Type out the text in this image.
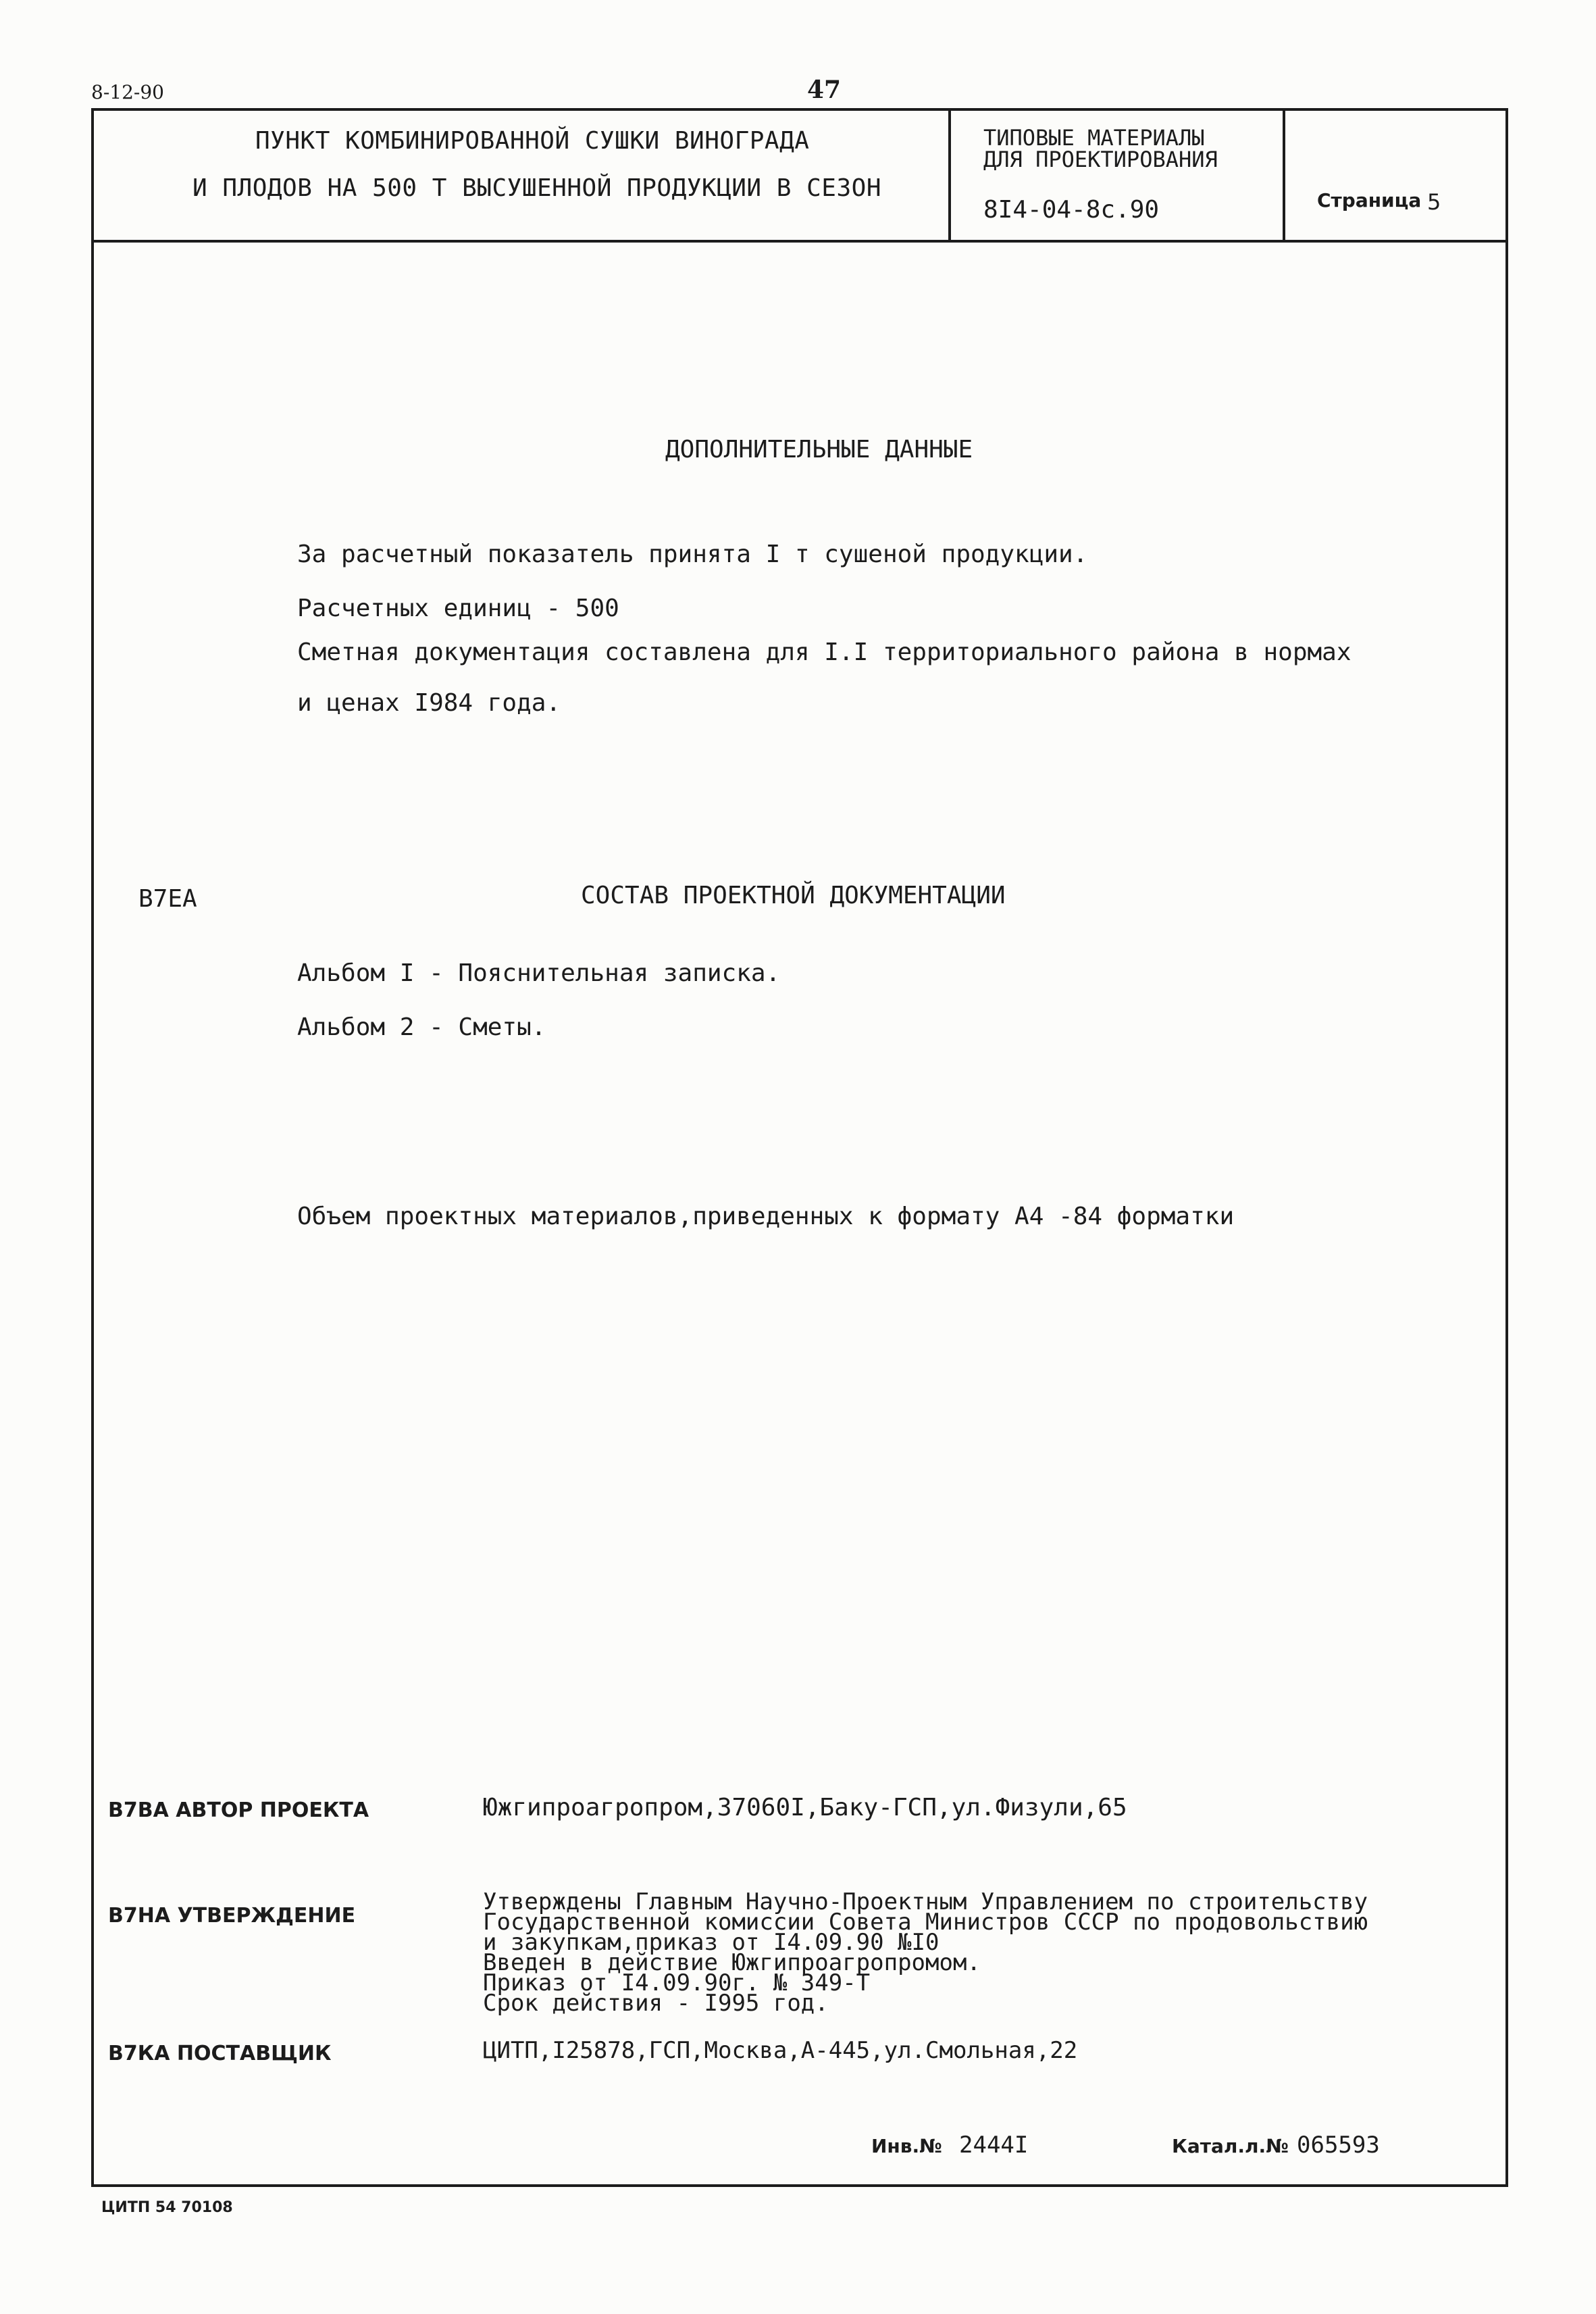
8-12-90	47
ПУНКТ КОМБИНИРОВАННОЙ СУШКИ ВИНОГРАДА
И ПЛОДОВ НА 500 Т ВЫСУШЕННОЙ ПРОДУКЦИИ В СЕЗОН
ТИПОВЫЕ МАТЕРИАЛЫ
ДЛЯ ПРОЕКТИРОВАНИЯ
8I4-04-8с.90	Страница 5
ДОПОЛНИТЕЛЬНЫЕ ДАННЫЕ
За расчетный показатель принята I т сушеной продукции.
Расчетных единиц - 500
Сметная документация составлена для I.I территориального района в нормах
и ценах I984 года.
В7ЕА	СОСТАВ ПРОЕКТНОЙ ДОКУМЕНТАЦИИ
Альбом I - Пояснительная записка.
Альбом 2 - Сметы.
Объем проектных материалов,приведенных к формату А4 -84 форматки
В7ВА АВТОР ПРОЕКТА	Южгипроагропром,37060I,Баку-ГСП,ул.Физули,65
В7НА УТВЕРЖДЕНИЕ
Утверждены Главным Научно-Проектным Управлением по строительству
Государственной комиссии Совета Министров СССР по продовольствию
и закупкам,приказ от I4.09.90 №I0
Введен в действие Южгипроагропромом.
Приказ от I4.09.90г. № 349-Т
Срок действия - I995 год.
В7КА ПОСТАВЩИК	ЦИТП,I25878,ГСП,Москва,А-445,ул.Смольная,22
Инв.№ 2444I	Катал.л.№ 065593
ЦИТП 54 70108
